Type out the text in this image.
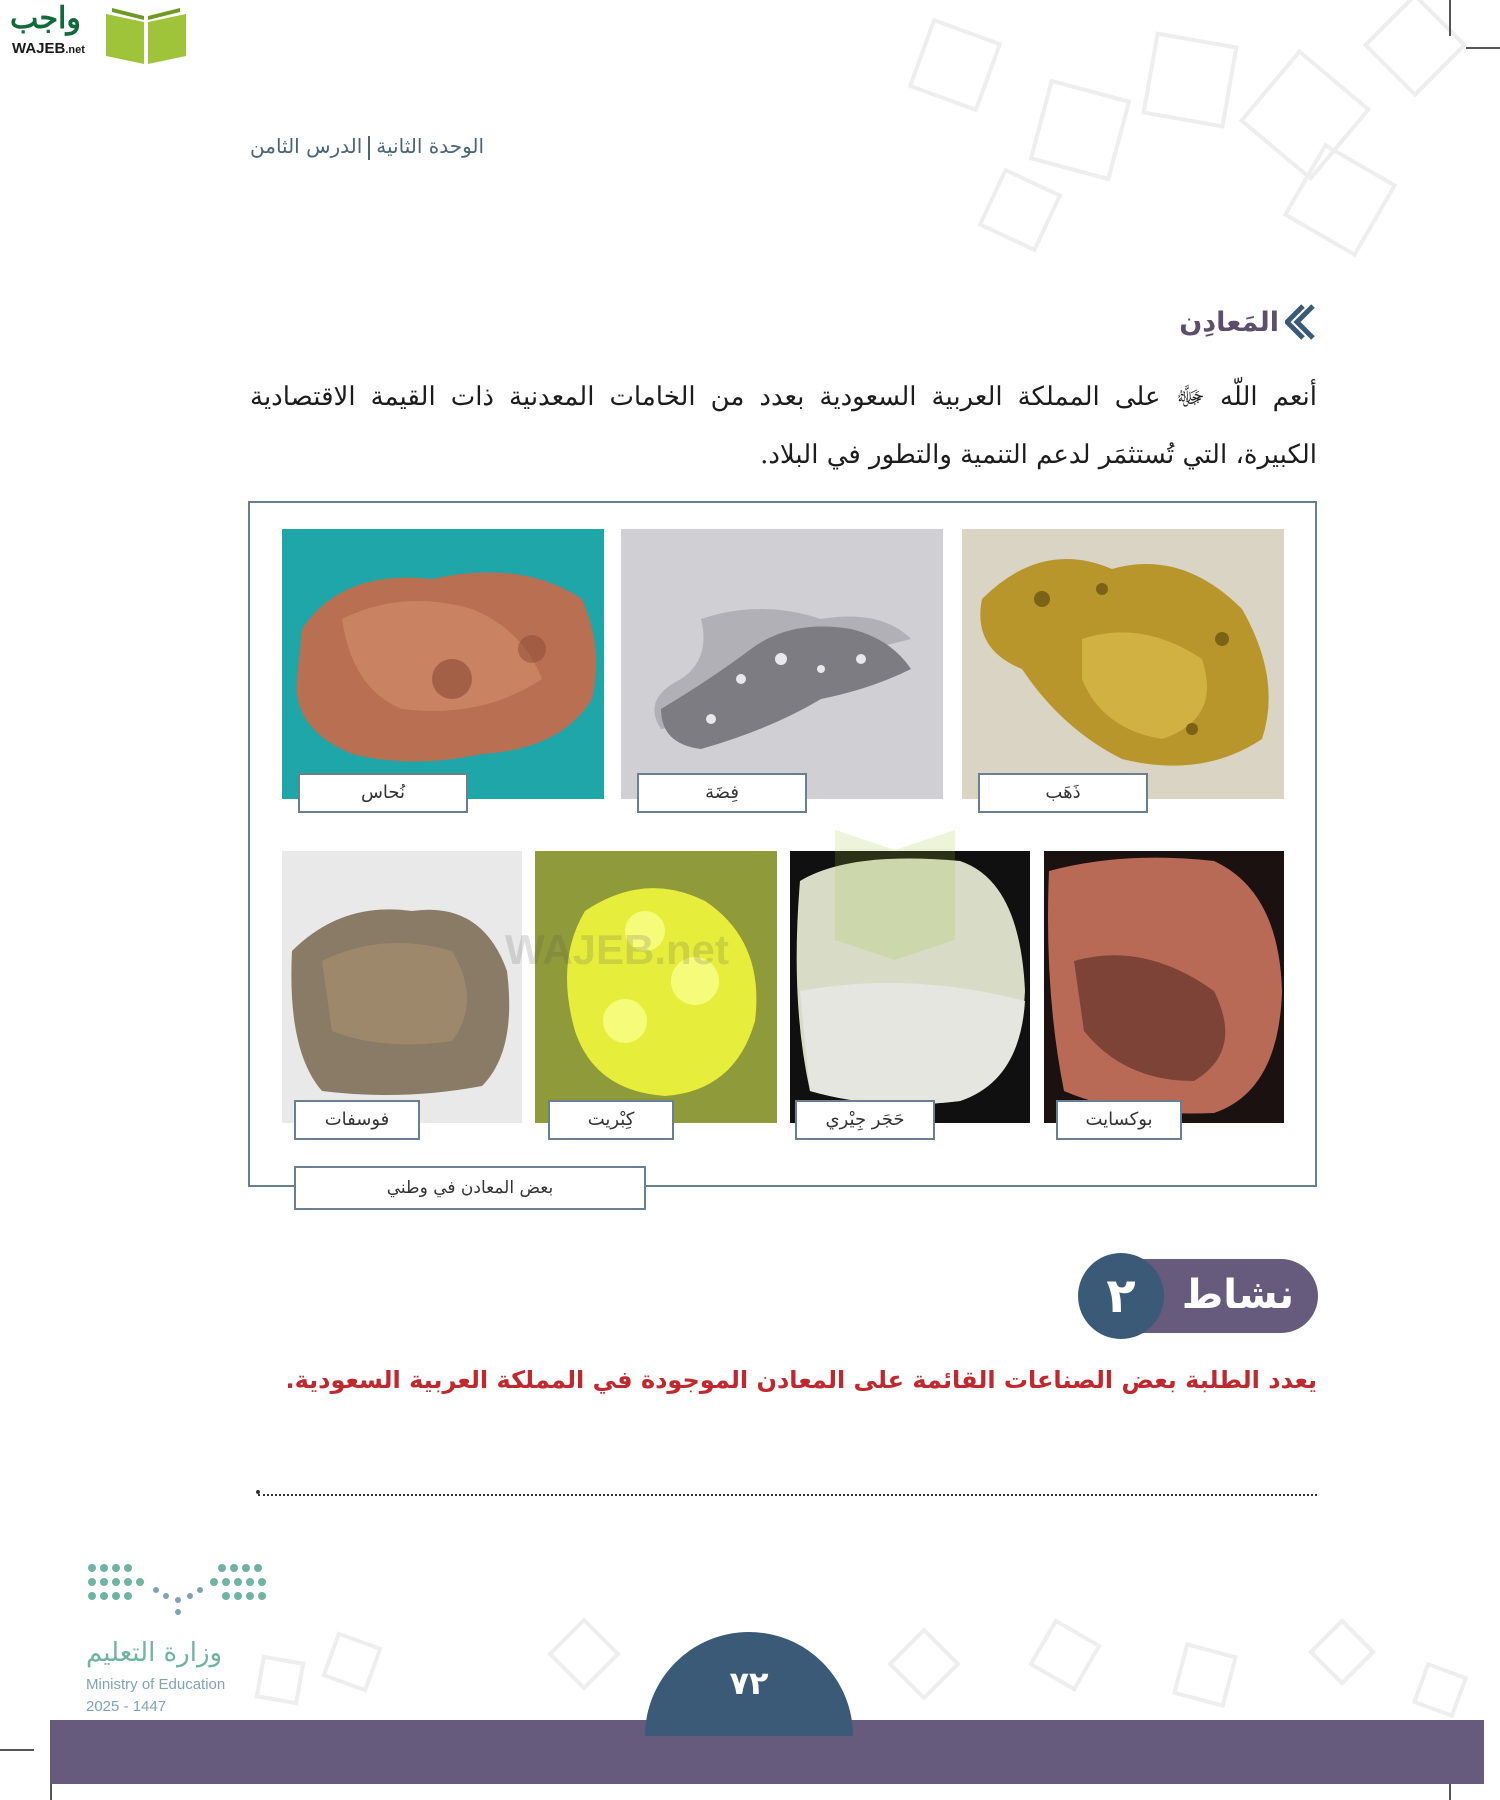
واجب
WAJEB.net
الوحدة الثانيةالدرس الثامن
المَعادِن
أنعم اللّه ﷻ على المملكة العربية السعودية بعدد من الخامات المعدنية ذات القيمة الاقتصادية الكبيرة، التي تُستثمَر لدعم التنمية والتطور في البلاد.
نُحاس	فِضَة	ذَهَب
فوسفات	كِبْريت	حَجَر جِيْري	بوكسايت
بعض المعادن في وطني
WAJEB.net
نشاط
٢
يعدد الطلبة بعض الصناعات القائمة على المعادن الموجودة في المملكة العربية السعودية.
وزارة التعليم
Ministry of Education
2025 - 1447
٧٢
